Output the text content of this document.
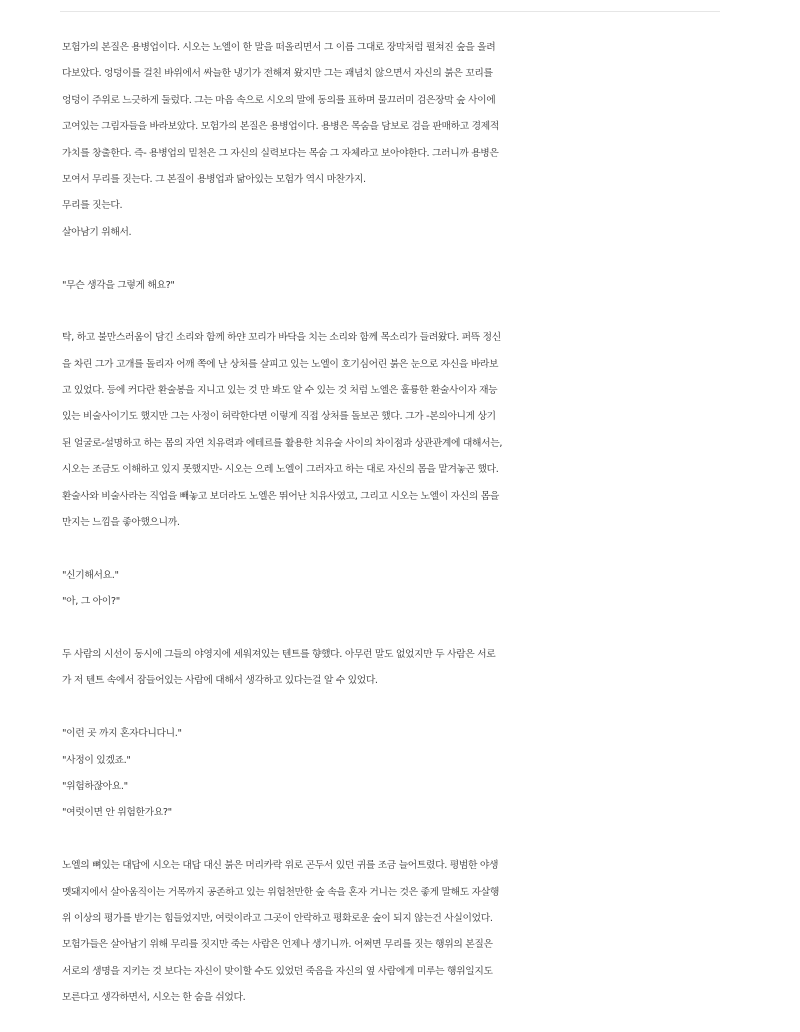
모험가의 본질은 용병업이다. 시오는 노엘이 한 말을 떠올리면서 그 이름 그대로 장막처럼 펼쳐진 숲을 올려
다보았다. 엉덩이를 걸친 바위에서 싸늘한 냉기가 전해져 왔지만 그는 괘념치 않으면서 자신의 붉은 꼬리를
엉덩이 주위로 느긋하게 둘렀다. 그는 마음 속으로 시오의 말에 동의를 표하며 물끄러미 검은장막 숲 사이에
고여있는 그림자들을 바라보았다. 모험가의 본질은 용병업이다. 용병은 목숨을 담보로 검을 판매하고 경제적
가치를 창출한다. 즉- 용병업의 밑천은 그 자신의 실력보다는 목숨 그 자체라고 보아야한다. 그러니까 용병은
모여서 무리를 짓는다. 그 본질이 용병업과 닮아있는 모험가 역시 마찬가지.
무리를 짓는다.
살아남기 위해서.
"무슨 생각을 그렇게 해요?"
탁, 하고 불만스러움이 담긴 소리와 함께 하얀 꼬리가 바닥을 치는 소리와 함께 목소리가 들려왔다. 퍼뜩 정신
을 차린 그가 고개를 돌리자 어깨 쪽에 난 상처를 살피고 있는 노엘이 호기심어린 붉은 눈으로 자신을 바라보
고 있었다. 등에 커다란 환술봉을 지니고 있는 것 만 봐도 알 수 있는 것 처럼 노엘은 훌륭한 환술사이자 재능
있는 비술사이기도 했지만 그는 사정이 허락한다면 이렇게 직접 상처를 돌보곤 했다. 그가 -본의아니게 상기
된 얼굴로-설명하고 하는 몸의 자연 치유력과 에테르를 활용한 치유술 사이의 차이점과 상관관계에 대해서는,
시오는 조금도 이해하고 있지 못했지만- 시오는 으레 노엘이 그러자고 하는 대로 자신의 몸을 맡겨놓곤 했다.
환술사와 비술사라는 직업을 빼놓고 보더라도 노엘은 뛰어난 치유사였고, 그리고 시오는 노엘이 자신의 몸을
만지는 느낌을 좋아했으니까.
"신기해서요."
"아, 그 아이?"
두 사람의 시선이 동시에 그들의 야영지에 세워져있는 텐트를 향했다. 아무런 말도 없었지만 두 사람은 서로
가 저 텐트 속에서 잠들어있는 사람에 대해서 생각하고 있다는걸 알 수 있었다.
"이런 곳 까지 혼자다니다니."
"사정이 있겠죠."
"위험하잖아요."
"여럿이면 안 위험한가요?"
노엘의 뼈있는 대답에 시오는 대답 대신 붉은 머리카락 위로 곤두서 있던 귀를 조금 늘어트렸다. 평범한 야생
멧돼지에서 살아움직이는 거목까지 공존하고 있는 위험천만한 숲 속을 혼자 거니는 것은 좋게 말해도 자살행
위 이상의 평가를 받기는 힘들었지만, 여럿이라고 그곳이 안락하고 평화로운 숲이 되지 않는건 사실이었다.
모험가들은 살아남기 위해 무리를 짓지만 죽는 사람은 언제나 생기니까. 어쩌면 무리를 짓는 행위의 본질은
서로의 생명을 지키는 것 보다는 자신이 맞이할 수도 있었던 죽음을 자신의 옆 사람에게 미루는 행위일지도
모른다고 생각하면서, 시오는 한 숨을 쉬었다.
